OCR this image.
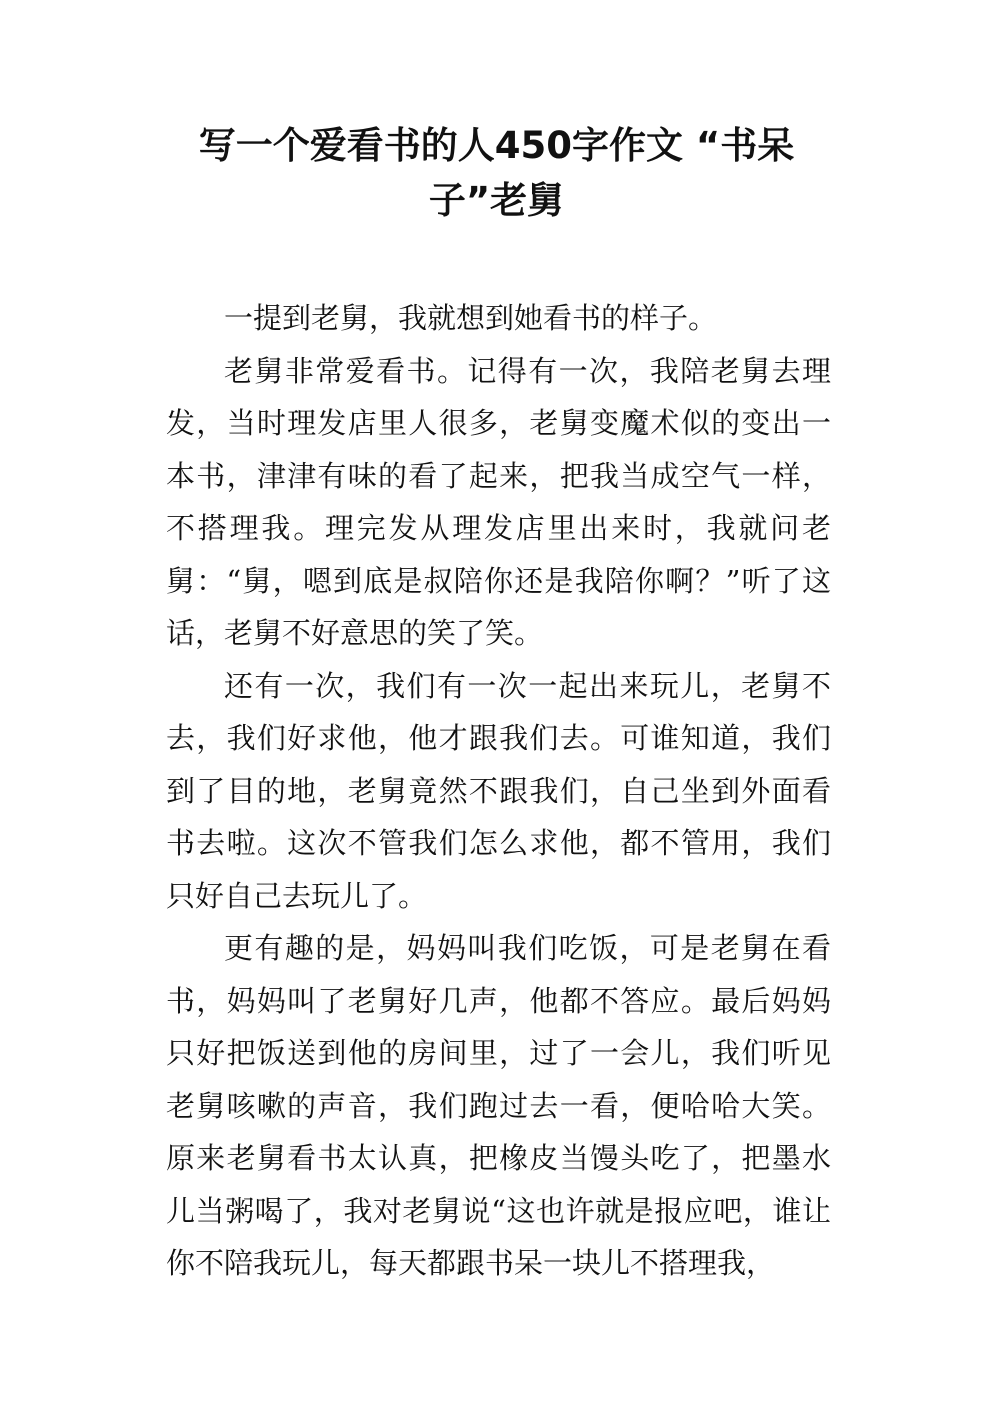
写一个爱看书的人450字作文 “书呆
子”老舅

一提到老舅，我就想到她看书的样子。

老舅非常爱看书。记得有一次，我陪老舅去理发，当时理发店里人很多，老舅变魔术似的变出一本书，津津有味的看了起来，把我当成空气一样，不搭理我。理完发从理发店里出来时，我就问老舅：“舅，嗯到底是叔陪你还是我陪你啊？”听了这话，老舅不好意思的笑了笑。

还有一次，我们有一次一起出来玩儿，老舅不去，我们好求他，他才跟我们去。可谁知道，我们到了目的地，老舅竟然不跟我们，自己坐到外面看书去啦。这次不管我们怎么求他，都不管用，我们只好自己去玩儿了。

更有趣的是，妈妈叫我们吃饭，可是老舅在看书，妈妈叫了老舅好几声，他都不答应。最后妈妈只好把饭送到他的房间里，过了一会儿，我们听见老舅咳嗽的声音，我们跑过去一看，便哈哈大笑。原来老舅看书太认真，把橡皮当馒头吃了，把墨水儿当粥喝了，我对老舅说“这也许就是报应吧，谁让你不陪我玩儿，每天都跟书呆一块儿不搭理我，
